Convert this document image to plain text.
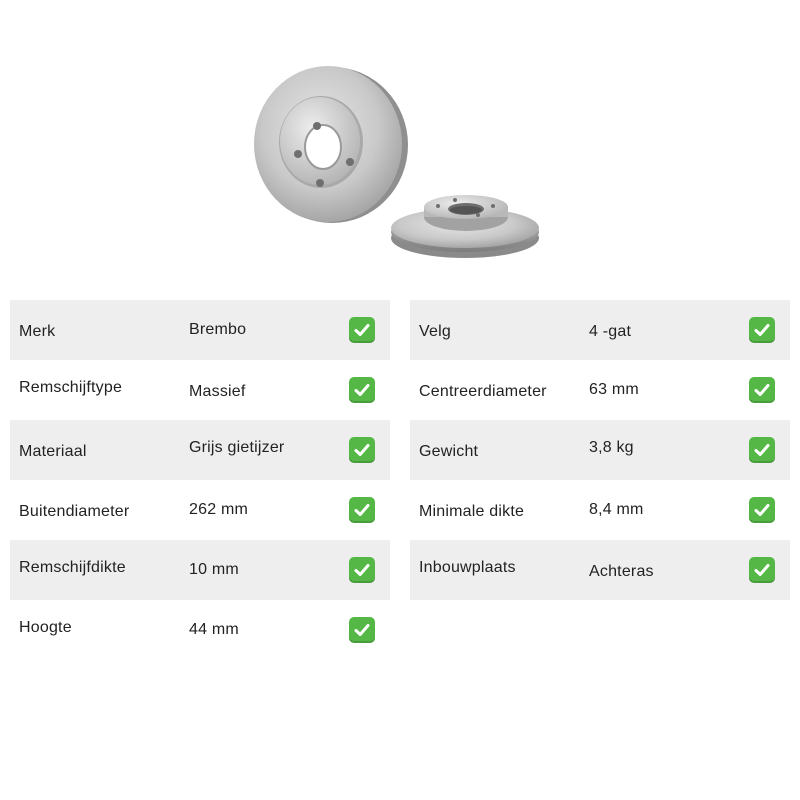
Merk	Brembo
Remschijftype	Massief
Materiaal	Grijs gietijzer
Buitendiameter	262 mm
Remschijfdikte	10 mm
Hoogte	44 mm
Velg	4 -gat
Centreerdiameter	63 mm
Gewicht	3,8 kg
Minimale dikte	8,4 mm
Inbouwplaats	Achteras
